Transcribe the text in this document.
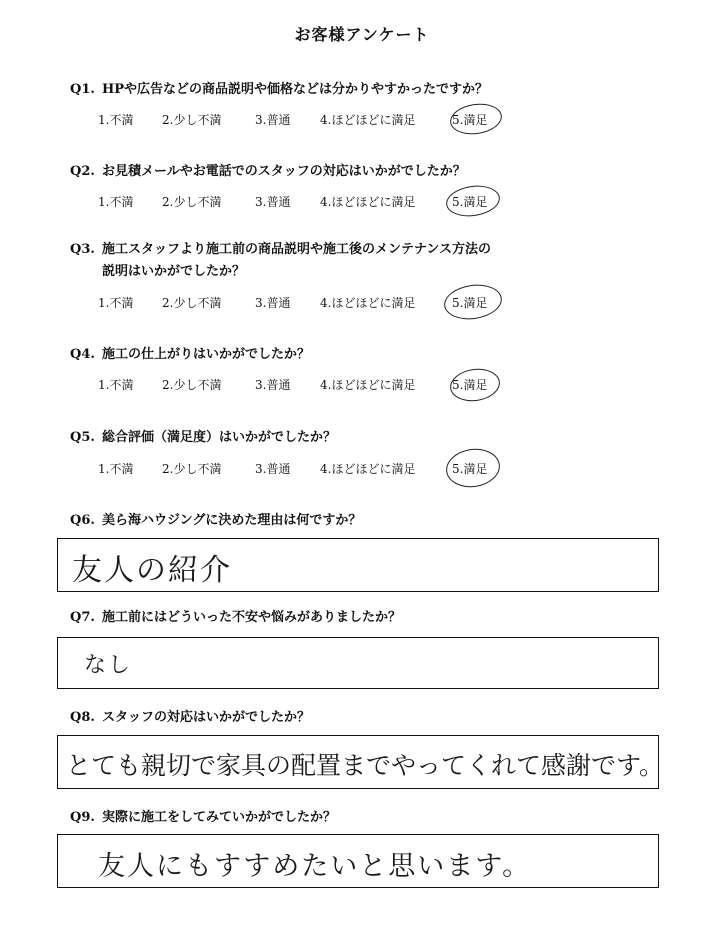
お客様アンケート
Q1. HPや広告などの商品説明や価格などは分かりやすかったですか？
1.不満 2.少し不満	3.普通 4.ほどほどに満足	5.満足
Q2. お見積メールやお電話でのスタッフの対応はいかがでしたか？
1.不満 2.少し不満	3.普通 4.ほどほどに満足	5.満足
Q3. 施工スタッフより施工前の商品説明や施工後のメンテナンス方法の
説明はいかがでしたか？
1.不満 2.少し不満	3.普通 4.ほどほどに満足	5.満足
Q4. 施工の仕上がりはいかがでしたか？
1.不満 2.少し不満	3.普通 4.ほどほどに満足	5.満足
Q5. 総合評価（満足度）はいかがでしたか？
1.不満 2.少し不満	3.普通 4.ほどほどに満足	5.満足
Q6. 美ら海ハウジングに決めた理由は何ですか？
友人の紹介
Q7. 施工前にはどういった不安や悩みがありましたか？
なし
Q8. スタッフの対応はいかがでしたか？
とても親切で家具の配置までやってくれて感謝です。
Q9. 実際に施工をしてみていかがでしたか？
友人にもすすめたいと思います。
